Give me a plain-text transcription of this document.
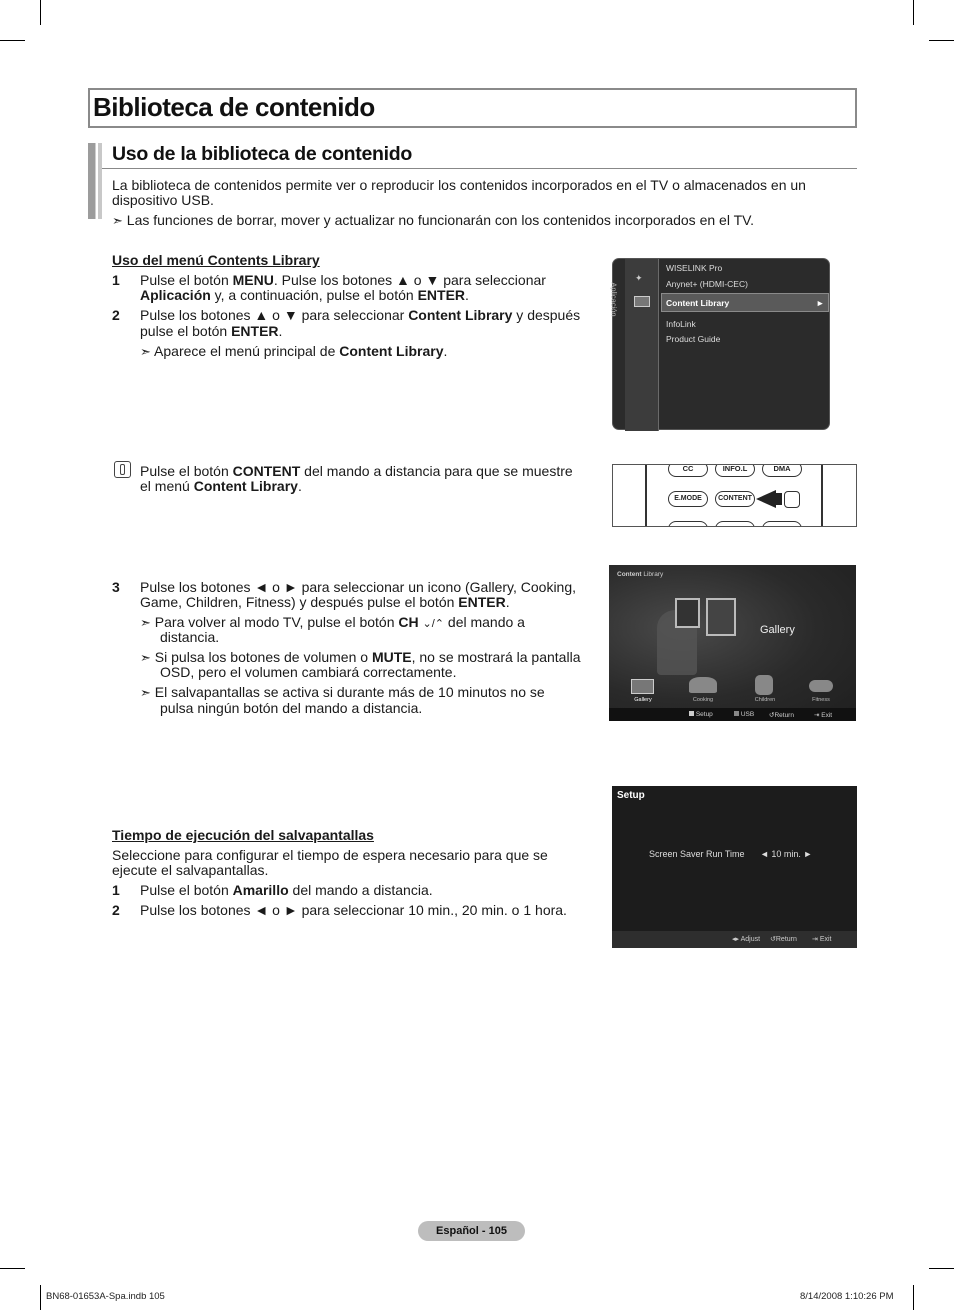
Biblioteca de contenido
Uso de la biblioteca de contenido
La biblioteca de contenidos permite ver o reproducir los contenidos incorporados en el TV o almacenados en un
dispositivo USB.
➣ Las funciones de borrar, mover y actualizar no funcionarán con los contenidos incorporados en el TV.
Uso del menú Contents Library
1 Pulse el botón MENU. Pulse los botones ▲ o ▼ para seleccionar
Aplicación y, a continuación, pulse el botón ENTER.
2 Pulse los botones ▲ o ▼ para seleccionar Content Library y después
pulse el botón ENTER.
➣ Aparece el menú principal de Content Library.
✦
Aplicación
WISELINK Pro
Anynet+ (HDMI-CEC)
Content Library	►
InfoLink
Product Guide
Pulse el botón CONTENT del mando a distancia para que se muestre
el menú Content Library.
CC	INFO.L	DMA
E.MODE	CONTENT
3 Pulse los botones ◄ o ► para seleccionar un icono (Gallery, Cooking,
Game, Children, Fitness) y después pulse el botón ENTER.
➣ Para volver al modo TV, pulse el botón CH ⌄/⌃ del mando a
distancia.
➣ Si pulsa los botones de volumen o MUTE, no se mostrará la pantalla
OSD, pero el volumen cambiará correctamente.
➣ El salvapantallas se activa si durante más de 10 minutos no se
pulsa ningún botón del mando a distancia.
Content Library
Gallery
Gallery	Cooking	Children	Fitness
Setup	USB ↺Return	⇥ Exit
Tiempo de ejecución del salvapantallas
Seleccione para configurar el tiempo de espera necesario para que se
ejecute el salvapantallas.
1 Pulse el botón Amarillo del mando a distancia.
2 Pulse los botones ◄ o ► para seleccionar 10 min., 20 min. o 1 hora.
Setup
Screen Saver Run Time ◄ 10 min. ►
◂▸ Adjust ↺Return ⇥ Exit
Español - 105
BN68-01653A-Spa.indb 105	8/14/2008 1:10:26 PM
